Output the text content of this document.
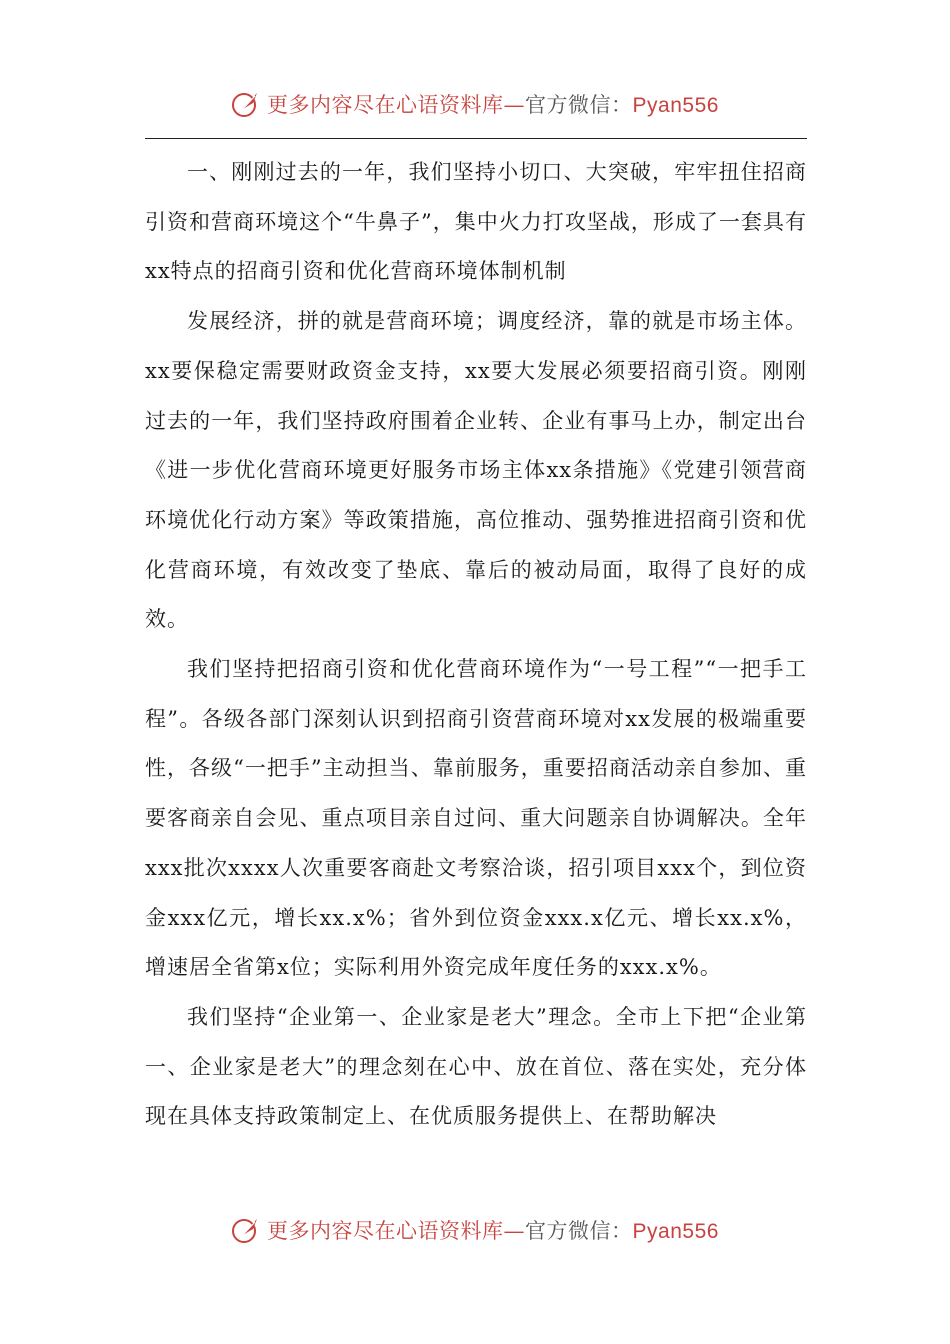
更多内容尽在心语资料库—官方微信：Pyan556

一、刚刚过去的一年，我们坚持小切口、大突破，牢牢扭住招商引资和营商环境这个“牛鼻子”，集中火力打攻坚战，形成了一套具有xx特点的招商引资和优化营商环境体制机制

发展经济，拼的就是营商环境；调度经济，靠的就是市场主体。xx要保稳定需要财政资金支持，xx要大发展必须要招商引资。刚刚过去的一年，我们坚持政府围着企业转、企业有事马上办，制定出台《进一步优化营商环境更好服务市场主体xx条措施》《党建引领营商环境优化行动方案》等政策措施，高位推动、强势推进招商引资和优化营商环境，有效改变了垫底、靠后的被动局面，取得了良好的成效。

我们坚持把招商引资和优化营商环境作为“一号工程”“一把手工程”。各级各部门深刻认识到招商引资营商环境对xx发展的极端重要性，各级“一把手”主动担当、靠前服务，重要招商活动亲自参加、重要客商亲自会见、重点项目亲自过问、重大问题亲自协调解决。全年xxx批次xxxx人次重要客商赴文考察洽谈，招引项目xxx个，到位资金xxx亿元，增长xx.x%；省外到位资金xxx.x亿元、增长xx.x%，增速居全省第x位；实际利用外资完成年度任务的xxx.x%。

我们坚持“企业第一、企业家是老大”理念。全市上下把“企业第一、企业家是老大”的理念刻在心中、放在首位、落在实处，充分体现在具体支持政策制定上、在优质服务提供上、在帮助解决

更多内容尽在心语资料库—官方微信：Pyan556
